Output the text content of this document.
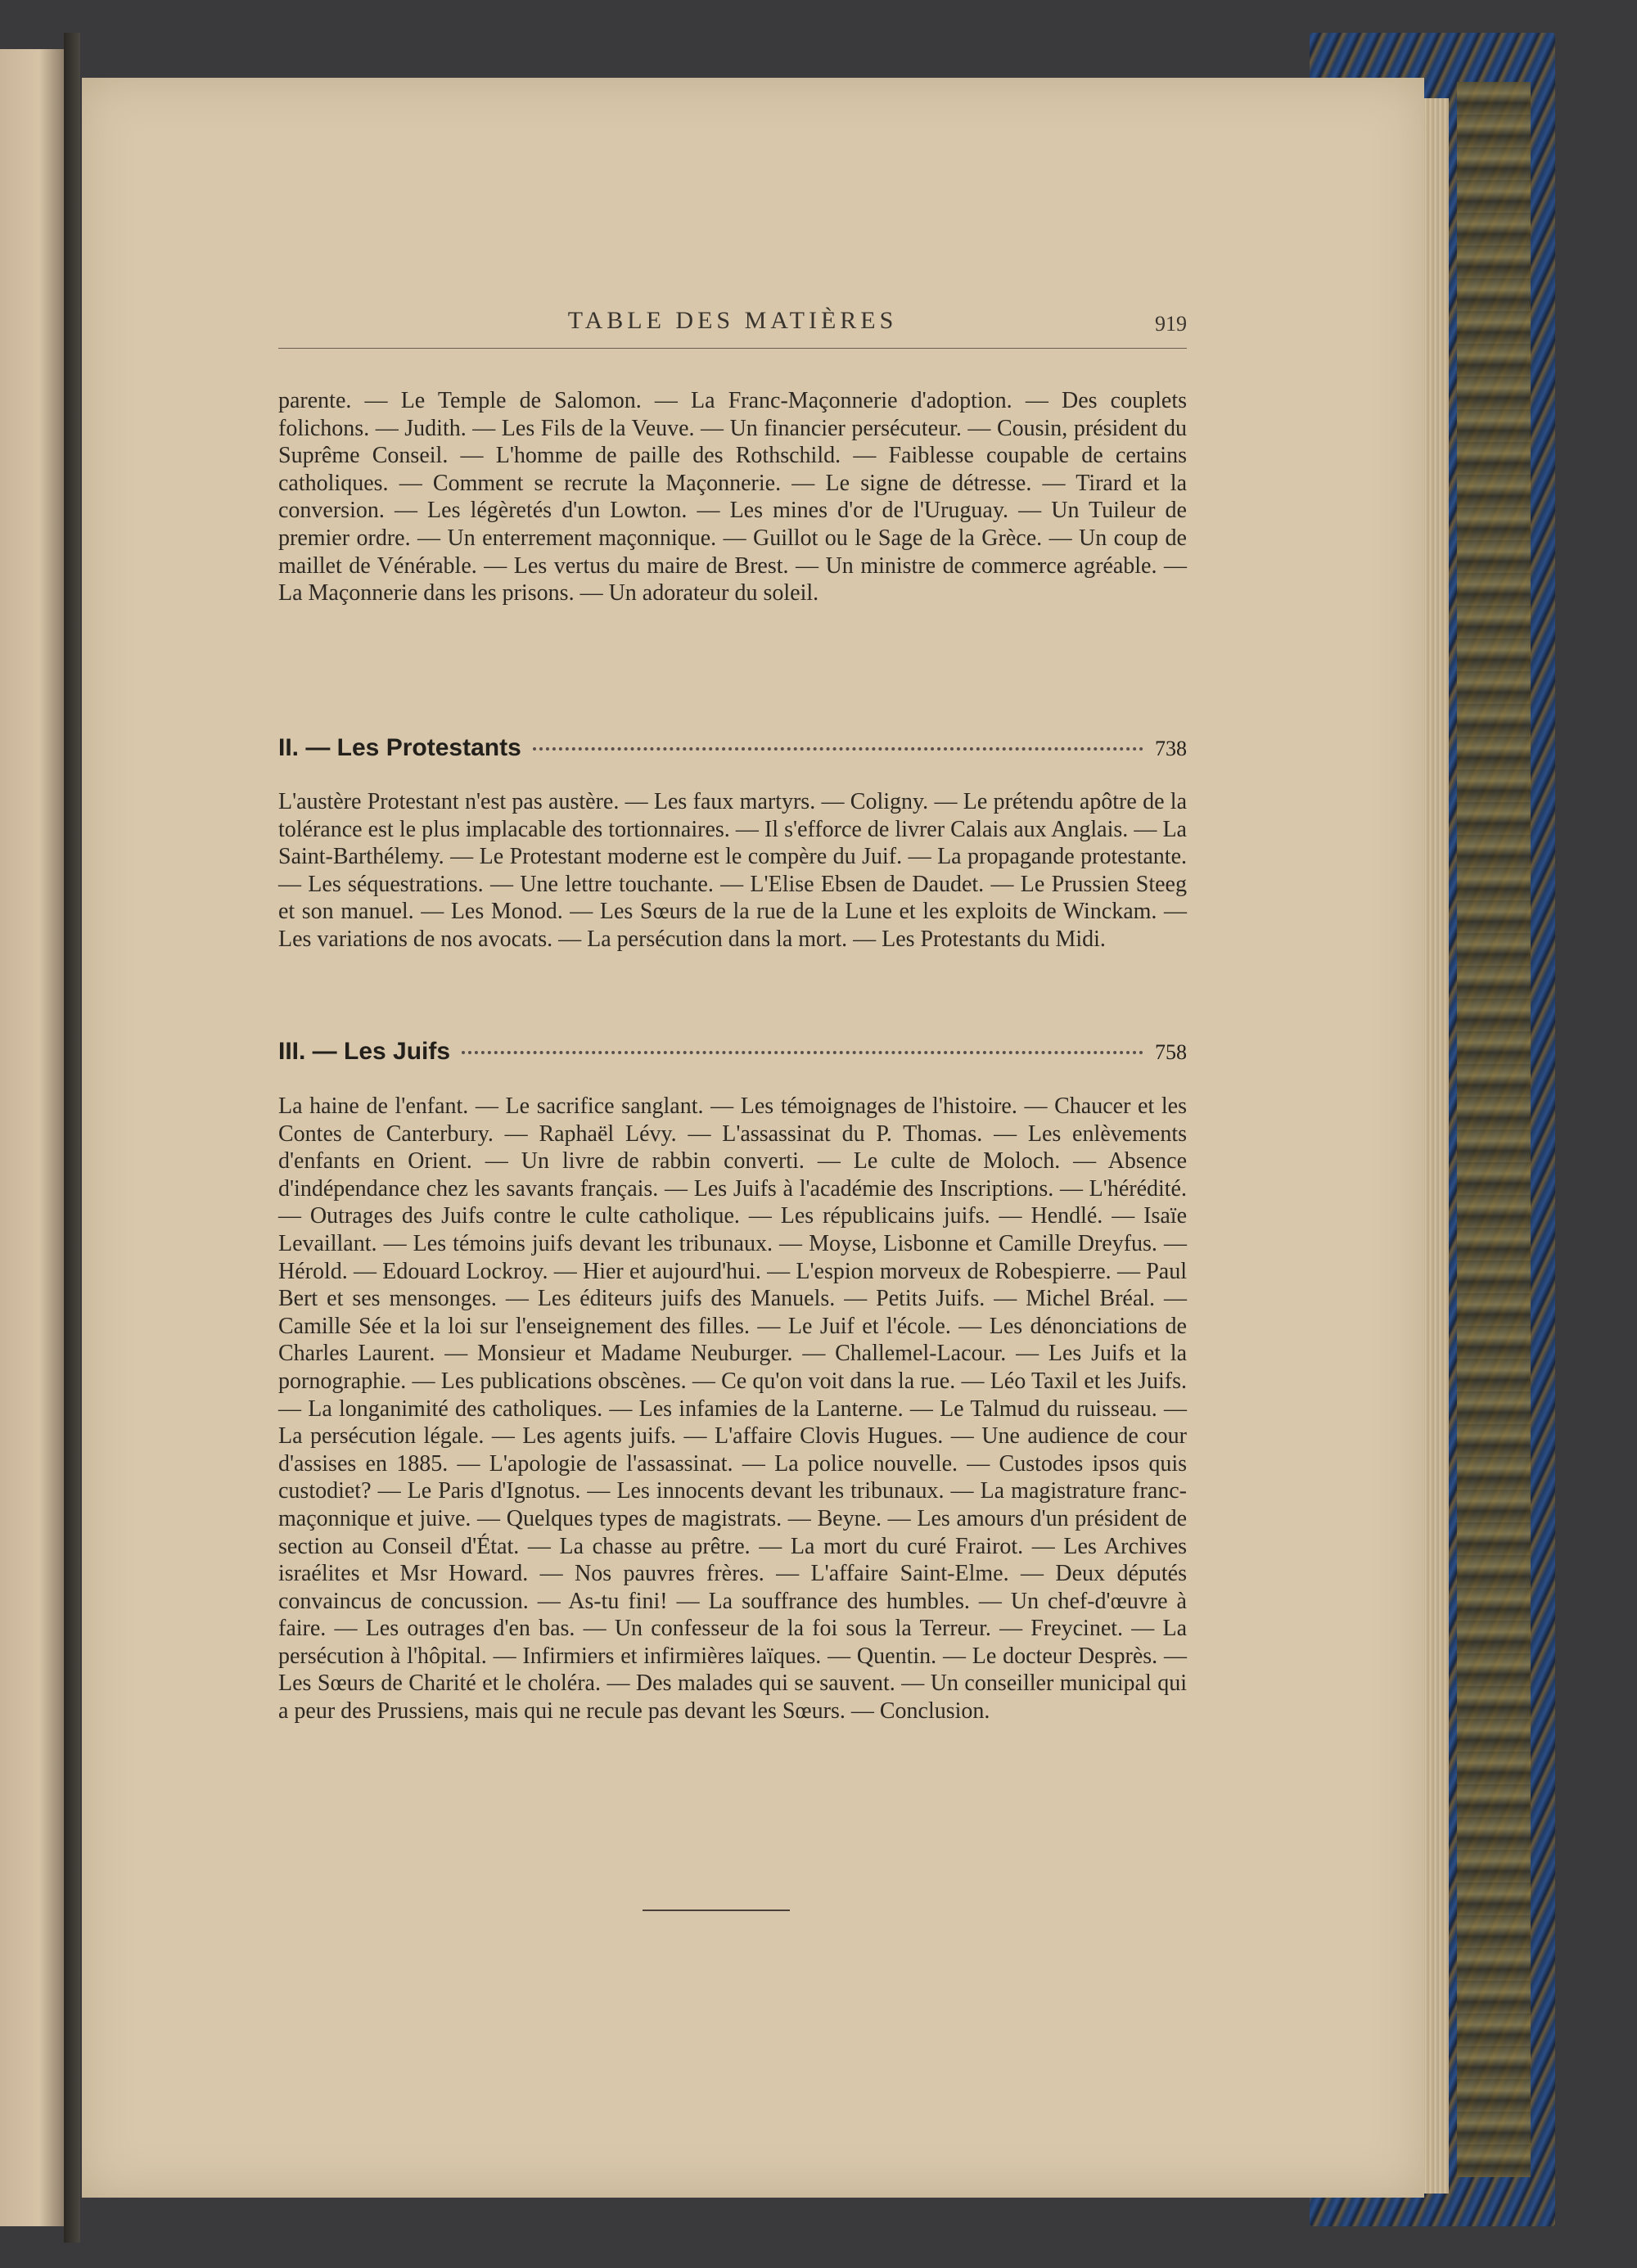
TABLE DES MATIÈRES	919

parente. — Le Temple de Salomon. — La Franc-Maçonnerie d'adoption. — Des couplets folichons. — Judith. — Les Fils de la Veuve. — Un financier persécuteur. — Cousin, président du Suprême Conseil. — L'homme de paille des Rothschild. — Faiblesse coupable de certains catholiques. — Comment se recrute la Maçonnerie. — Le signe de détresse. — Tirard et la conversion. — Les légèretés d'un Lowton. — Les mines d'or de l'Uruguay. — Un Tuileur de premier ordre. — Un enterrement maçonnique. — Guillot ou le Sage de la Grèce. — Un coup de maillet de Vénérable. — Les vertus du maire de Brest. — Un ministre de commerce agréable. — La Maçonnerie dans les prisons. — Un adorateur du soleil.

II. — Les Protestants	738

L'austère Protestant n'est pas austère. — Les faux martyrs. — Coligny. — Le prétendu apôtre de la tolérance est le plus implacable des tortionnaires. — Il s'efforce de livrer Calais aux Anglais. — La Saint-Barthélemy. — Le Protestant moderne est le compère du Juif. — La propagande protestante. — Les séquestrations. — Une lettre touchante. — L'Elise Ebsen de Daudet. — Le Prussien Steeg et son manuel. — Les Monod. — Les Sœurs de la rue de la Lune et les exploits de Winckam. — Les variations de nos avocats. — La persécution dans la mort. — Les Protestants du Midi.

III. — Les Juifs	758

La haine de l'enfant. — Le sacrifice sanglant. — Les témoignages de l'histoire. — Chaucer et les Contes de Canterbury. — Raphaël Lévy. — L'assassinat du P. Thomas. — Les enlèvements d'enfants en Orient. — Un livre de rabbin converti. — Le culte de Moloch. — Absence d'indépendance chez les savants français. — Les Juifs à l'académie des Inscriptions. — L'hérédité. — Outrages des Juifs contre le culte catholique. — Les républicains juifs. — Hendlé. — Isaïe Levaillant. — Les témoins juifs devant les tribunaux. — Moyse, Lisbonne et Camille Dreyfus. — Hérold. — Edouard Lockroy. — Hier et aujourd'hui. — L'espion morveux de Robespierre. — Paul Bert et ses mensonges. — Les éditeurs juifs des Manuels. — Petits Juifs. — Michel Bréal. — Camille Sée et la loi sur l'enseignement des filles. — Le Juif et l'école. — Les dénonciations de Charles Laurent. — Monsieur et Madame Neuburger. — Challemel-Lacour. — Les Juifs et la pornographie. — Les publications obscènes. — Ce qu'on voit dans la rue. — Léo Taxil et les Juifs. — La longanimité des catholiques. — Les infamies de la Lanterne. — Le Talmud du ruisseau. — La persécution légale. — Les agents juifs. — L'affaire Clovis Hugues. — Une audience de cour d'assises en 1885. — L'apologie de l'assassinat. — La police nouvelle. — Custodes ipsos quis custodiet? — Le Paris d'Ignotus. — Les innocents devant les tribunaux. — La magistrature franc-maçonnique et juive. — Quelques types de magistrats. — Beyne. — Les amours d'un président de section au Conseil d'État. — La chasse au prêtre. — La mort du curé Frairot. — Les Archives israélites et Msr Howard. — Nos pauvres frères. — L'affaire Saint-Elme. — Deux députés convaincus de concussion. — As-tu fini! — La souffrance des humbles. — Un chef-d'œuvre à faire. — Les outrages d'en bas. — Un confesseur de la foi sous la Terreur. — Freycinet. — La persécution à l'hôpital. — Infirmiers et infirmières laïques. — Quentin. — Le docteur Desprès. — Les Sœurs de Charité et le choléra. — Des malades qui se sauvent. — Un conseiller municipal qui a peur des Prussiens, mais qui ne recule pas devant les Sœurs. — Conclusion.
